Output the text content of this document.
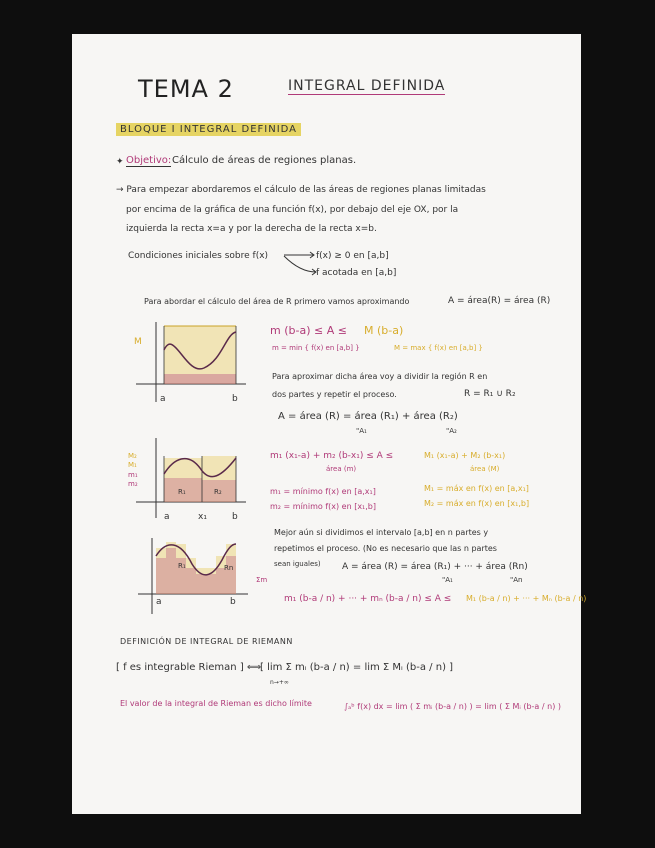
TEMA 2	INTEGRAL DEFINIDA
BLOQUE I INTEGRAL DEFINIDA
✦ Objetivo: Cálculo de áreas de regiones planas.
→ Para empezar abordaremos el cálculo de las áreas de regiones planas limitadas
por encima de la gráfica de una función f(x), por debajo del eje OX, por la
izquierda la recta x=a y por la derecha de la recta x=b.
Condiciones iniciales sobre f(x)	f(x) ≥ 0 en [a,b]
f acotada en [a,b]
Para abordar el cálculo del área de R primero vamos aproximando	A = área(R) = área (R)
M
a	b
m (b-a) ≤ A ≤ M (b-a)
m = min { f(x) en [a,b] }	M = max { f(x) en [a,b] }
Para aproximar dicha área voy a dividir la región R en
dos partes y repetir el proceso.	R = R₁ ∪ R₂
A = área (R) = área (R₁) + área (R₂)
"A₁	"A₂
M₂
M₁
m₁
m₂
R₁	R₂
a	x₁	b
m₁ (x₁-a) + m₂ (b-x₁) ≤ A ≤	M₁ (x₁-a) + M₂ (b-x₁)
área (m)	área (M)
m₁ = mínimo f(x) en [a,x₁]
m₂ = mínimo f(x) en [x₁,b]
M₁ = máx en f(x) en [a,x₁]
M₂ = máx en f(x) en [x₁,b]
R₁	Rn
Σm
a	b
Mejor aún si dividimos el intervalo [a,b] en n partes y
repetimos el proceso. (No es necesario que las n partes
sean iguales) A = área (R) = área (R₁) + ··· + área (Rn)
"A₁	"An
m₁ (b-a / n) + ··· + mₙ (b-a / n) ≤ A ≤ M₁ (b-a / n) + ··· + Mₙ (b-a / n)
DEFINICIÓN DE INTEGRAL DE RIEMANN
[ f es integrable Rieman ] ⟺
[ lim Σ mᵢ (b-a / n) = lim Σ Mᵢ (b-a / n) ]
n→+∞
El valor de la integral de Rieman es dicho límite	∫ₐᵇ f(x) dx = lim ( Σ mᵢ (b-a / n) ) = lim ( Σ Mᵢ (b-a / n) )
